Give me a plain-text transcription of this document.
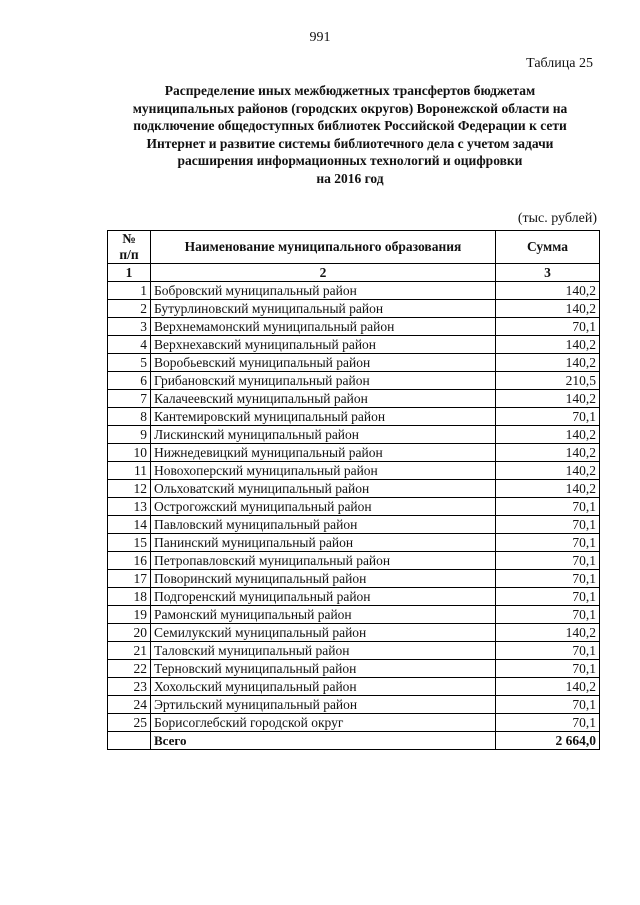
991
Таблица 25
Распределение иных межбюджетных трансфертов бюджетам
муниципальных районов (городских округов) Воронежской области на
подключение общедоступных библиотек Российской Федерации к сети
Интернет и развитие системы библиотечного дела с учетом задачи
расширения информационных технологий и оцифровки
на 2016 год
(тыс. рублей)
№
п/п	Наименование муниципального образования	Сумма
1	2	3
1	Бобровский муниципальный район	140,2
2	Бутурлиновский муниципальный район	140,2
3	Верхнемамонский муниципальный район	70,1
4	Верхнехавский муниципальный район	140,2
5	Воробьевский муниципальный район	140,2
6	Грибановский муниципальный район	210,5
7	Калачеевский муниципальный район	140,2
8	Кантемировский муниципальный район	70,1
9	Лискинский муниципальный район	140,2
10	Нижнедевицкий муниципальный район	140,2
11	Новохоперский муниципальный район	140,2
12	Ольховатский муниципальный район	140,2
13	Острогожский муниципальный район	70,1
14	Павловский муниципальный район	70,1
15	Панинский муниципальный район	70,1
16	Петропавловский муниципальный район	70,1
17	Поворинский муниципальный район	70,1
18	Подгоренский муниципальный район	70,1
19	Рамонский муниципальный район	70,1
20	Семилукский муниципальный район	140,2
21	Таловский муниципальный район	70,1
22	Терновский муниципальный район	70,1
23	Хохольский муниципальный район	140,2
24	Эртильский муниципальный район	70,1
25	Борисоглебский городской округ	70,1
	Всего	2 664,0
